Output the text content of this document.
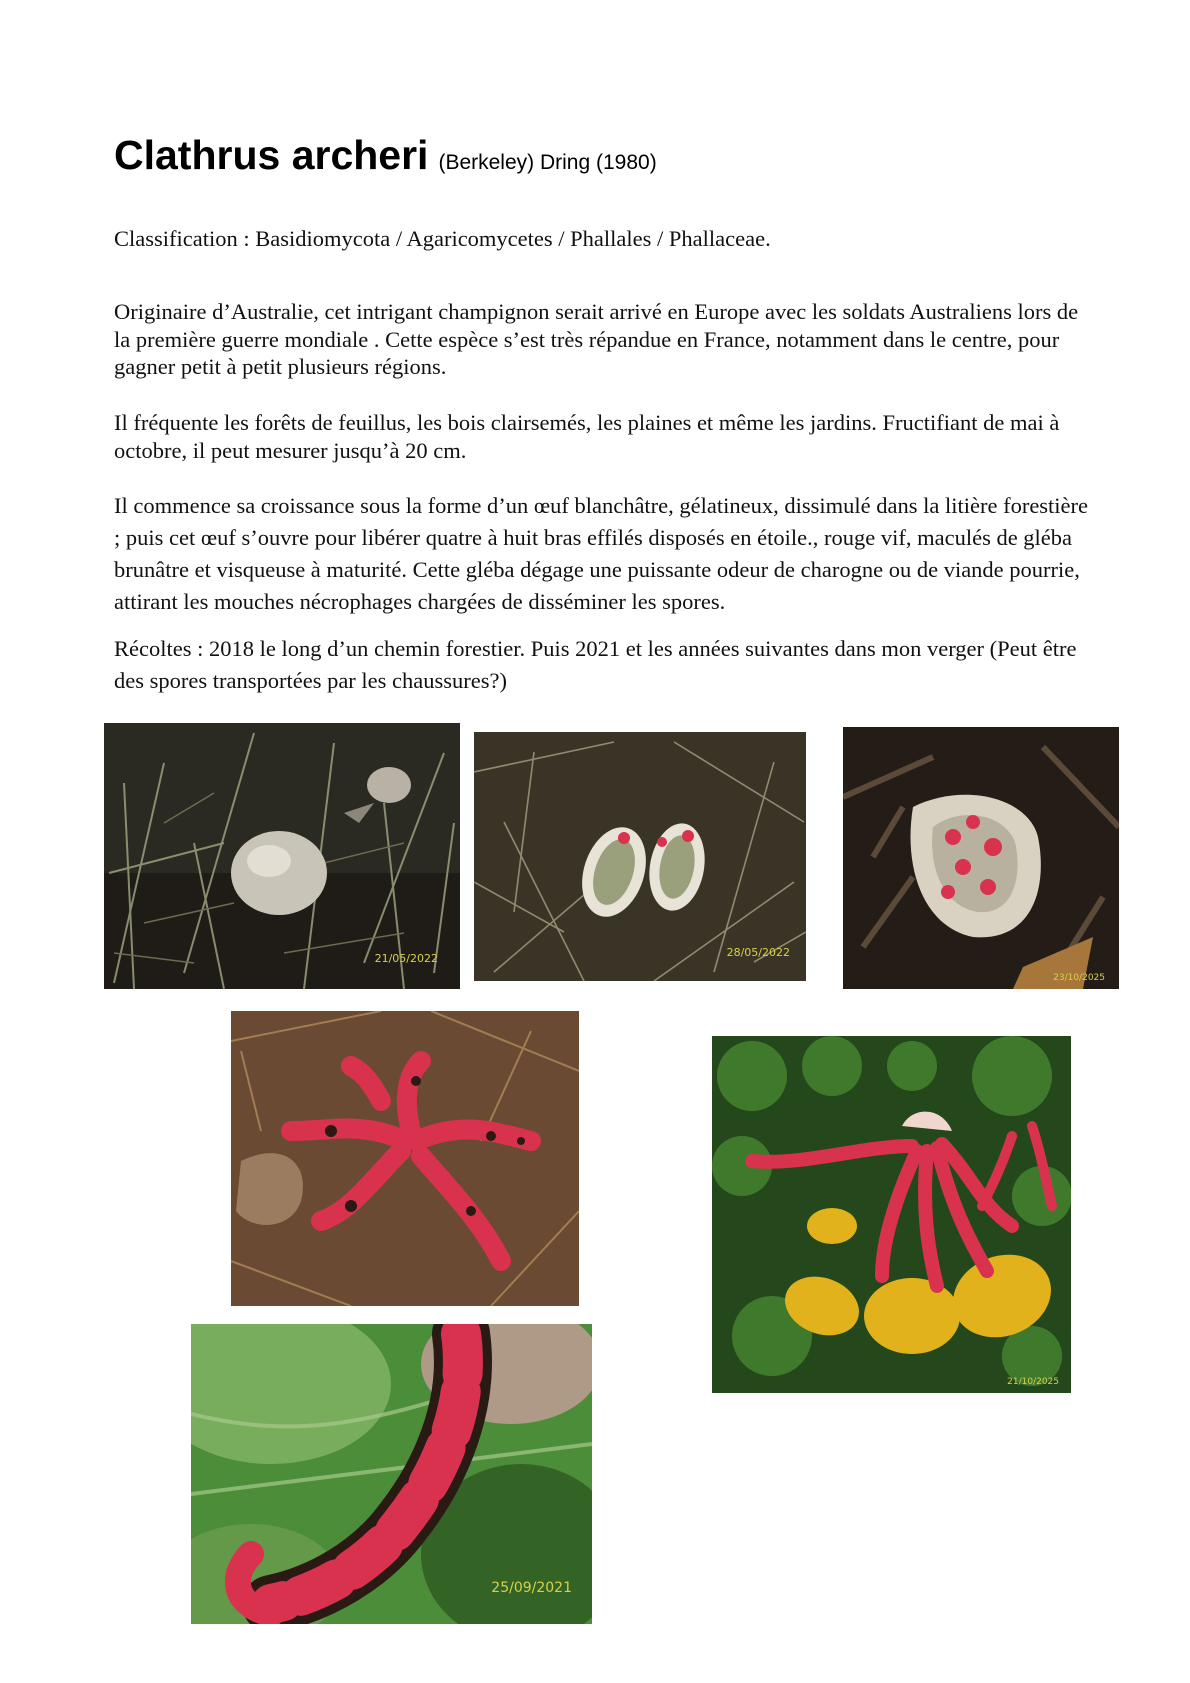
Clathrus archeri (Berkeley) Dring (1980)

Classification : Basidiomycota / Agaricomycetes / Phallales / Phallaceae.

Originaire d’Australie, cet intrigant champignon serait arrivé en Europe avec les soldats Australiens lors de la première guerre mondiale . Cette espèce s’est très répandue en France, notamment dans le centre, pour gagner petit à petit plusieurs régions.

Il fréquente les forêts de feuillus, les bois clairsemés, les plaines et même les jardins. Fructifiant de mai à octobre, il peut mesurer jusqu’à 20 cm.

Il commence sa croissance sous la forme d’un œuf blanchâtre, gélatineux, dissimulé dans la litière forestière ; puis cet œuf s’ouvre pour libérer quatre à huit bras effilés disposés en étoile., rouge vif, maculés de gléba brunâtre et visqueuse à maturité. Cette gléba dégage une puissante odeur de charogne ou de viande pourrie, attirant les mouches nécrophages chargées de disséminer les spores.

Récoltes : 2018 le long d’un chemin forestier. Puis 2021 et les années suivantes dans mon verger (Peut être des spores transportées par les chaussures?)

21/05/2022	28/05/2022
23/10/2025
21/10/2025
25/09/2021
